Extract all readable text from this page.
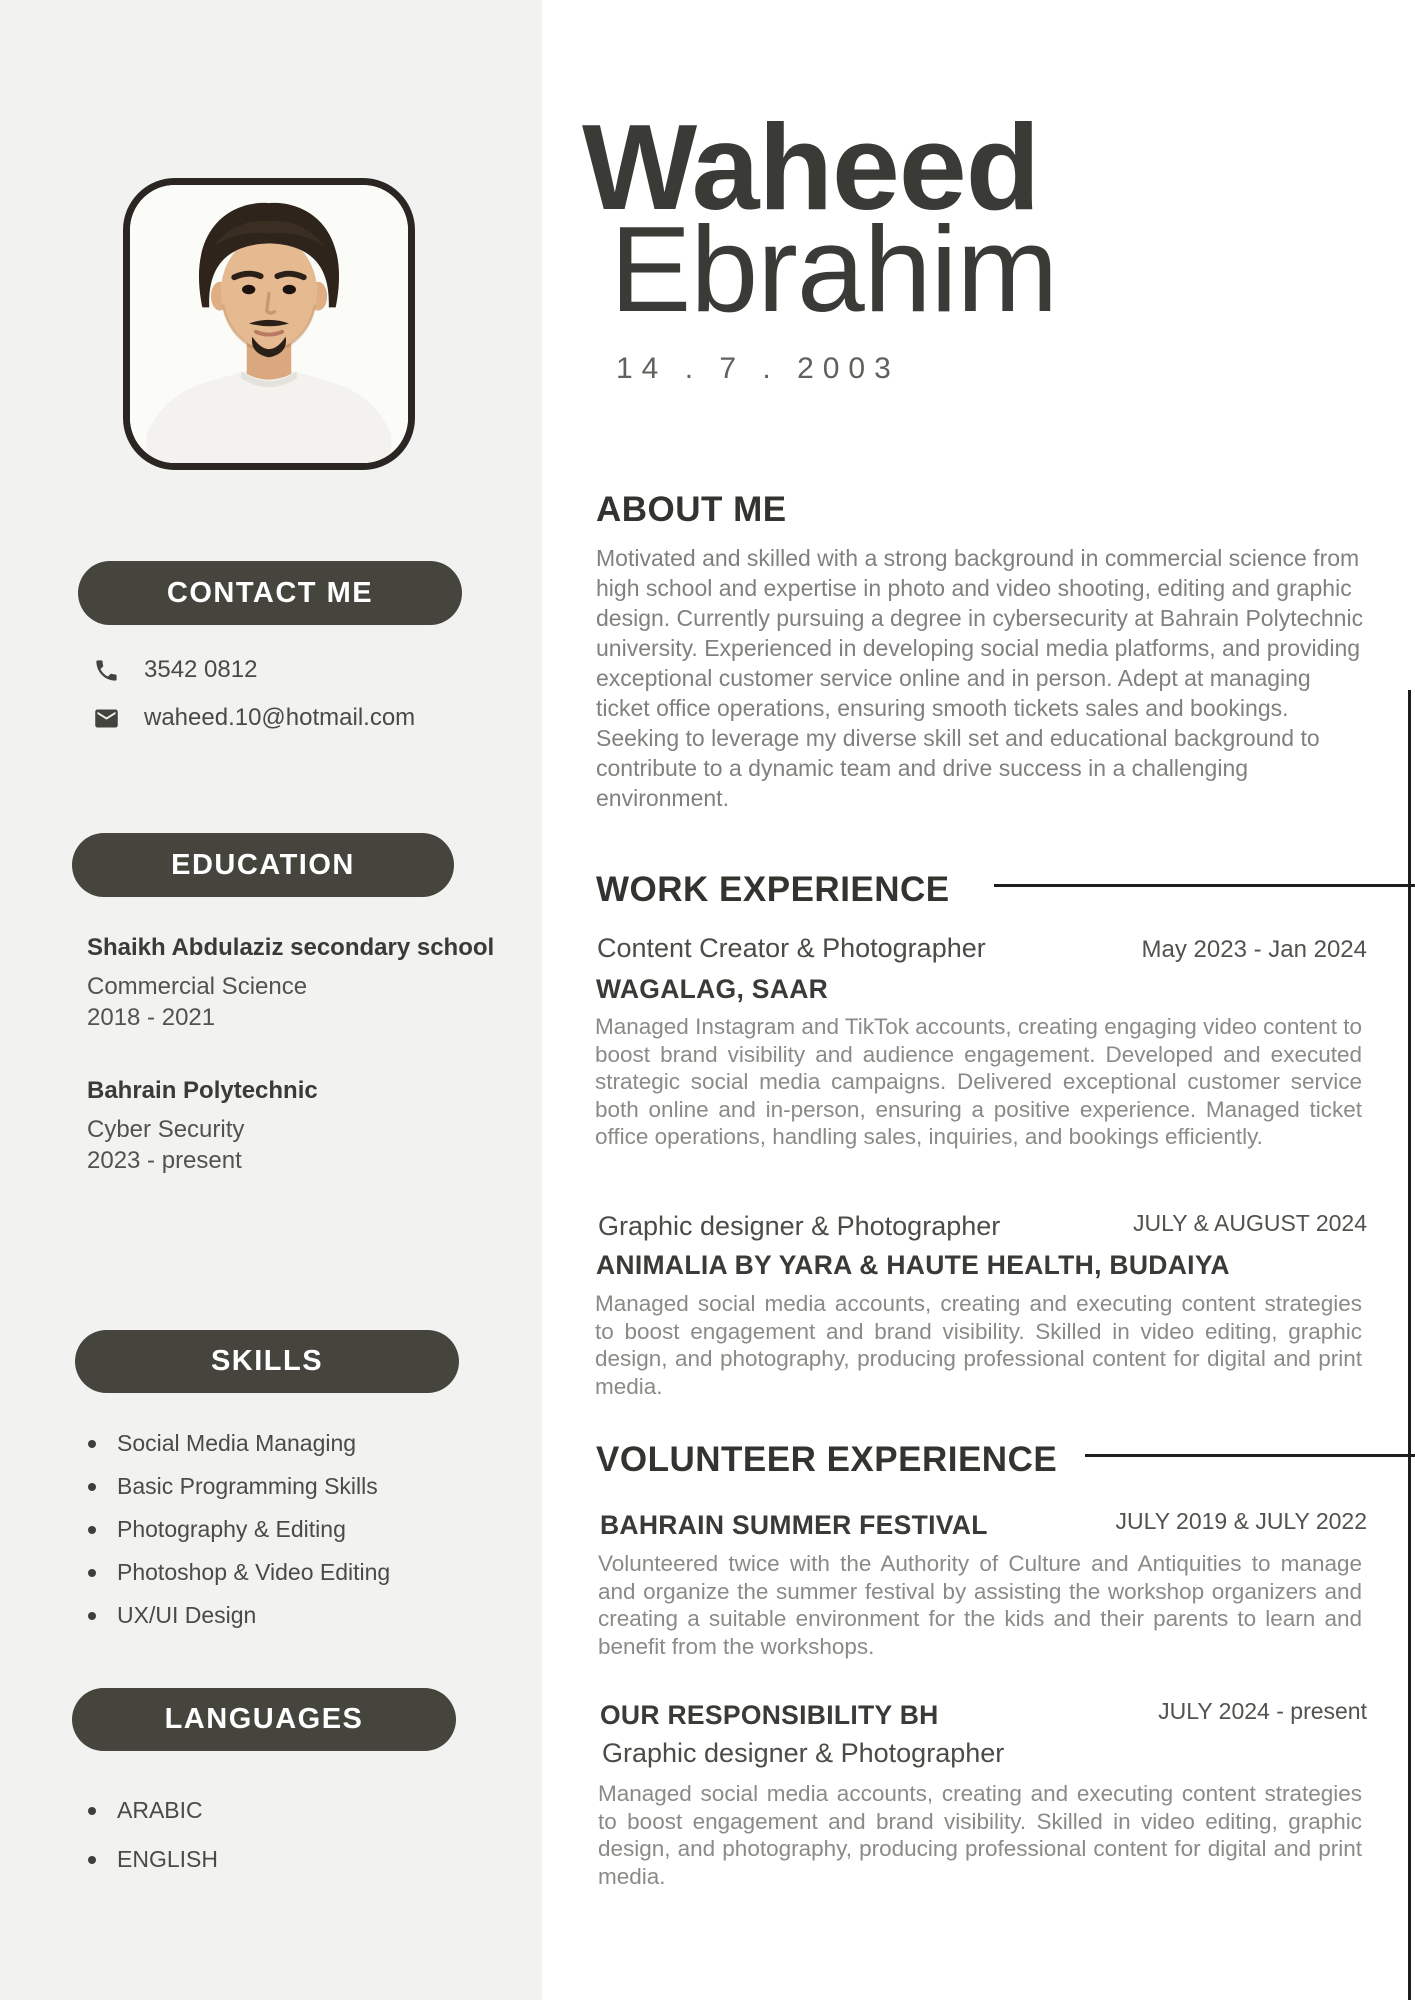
CONTACT ME
3542 0812
waheed.10@hotmail.com
EDUCATION
Shaikh Abdulaziz secondary school
Commercial Science
2018 - 2021
Bahrain Polytechnic
Cyber Security
2023 - present
SKILLS
Social Media Managing
Basic Programming Skills
Photography & Editing
Photoshop & Video Editing
UX/UI Design
LANGUAGES
ARABIC
ENGLISH
Waheed
Ebrahim
14 . 7 . 2003
ABOUT ME
Motivated and skilled with a strong background in commercial science from high school and expertise in photo and video shooting, editing and graphic design. Currently pursuing a degree in cybersecurity at Bahrain Polytechnic university. Experienced in developing social media platforms, and providing exceptional customer service online and in person. Adept at managing ticket office operations, ensuring smooth tickets sales and bookings. Seeking to leverage my diverse skill set and educational background to contribute to a dynamic team and drive success in a challenging environment.
WORK EXPERIENCE
Content Creator & Photographer	May 2023 - Jan 2024
WAGALAG, SAAR
Managed Instagram and TikTok accounts, creating engaging video content to boost brand visibility and audience engagement. Developed and executed strategic social media campaigns. Delivered exceptional customer service both online and in-person, ensuring a positive experience. Managed ticket office operations, handling sales, inquiries, and bookings efficiently.
Graphic designer & Photographer	JULY & AUGUST 2024
ANIMALIA BY YARA & HAUTE HEALTH, BUDAIYA
Managed social media accounts, creating and executing content strategies to boost engagement and brand visibility. Skilled in video editing, graphic design, and photography, producing professional content for digital and print media.
VOLUNTEER EXPERIENCE
BAHRAIN SUMMER FESTIVAL	JULY 2019 & JULY 2022
Volunteered twice with the Authority of Culture and Antiquities to manage and organize the summer festival by assisting the workshop organizers and creating a suitable environment for the kids and their parents to learn and benefit from the workshops.
OUR RESPONSIBILITY BH	JULY 2024 - present
Graphic designer & Photographer
Managed social media accounts, creating and executing content strategies to boost engagement and brand visibility. Skilled in video editing, graphic design, and photography, producing professional content for digital and print media.
